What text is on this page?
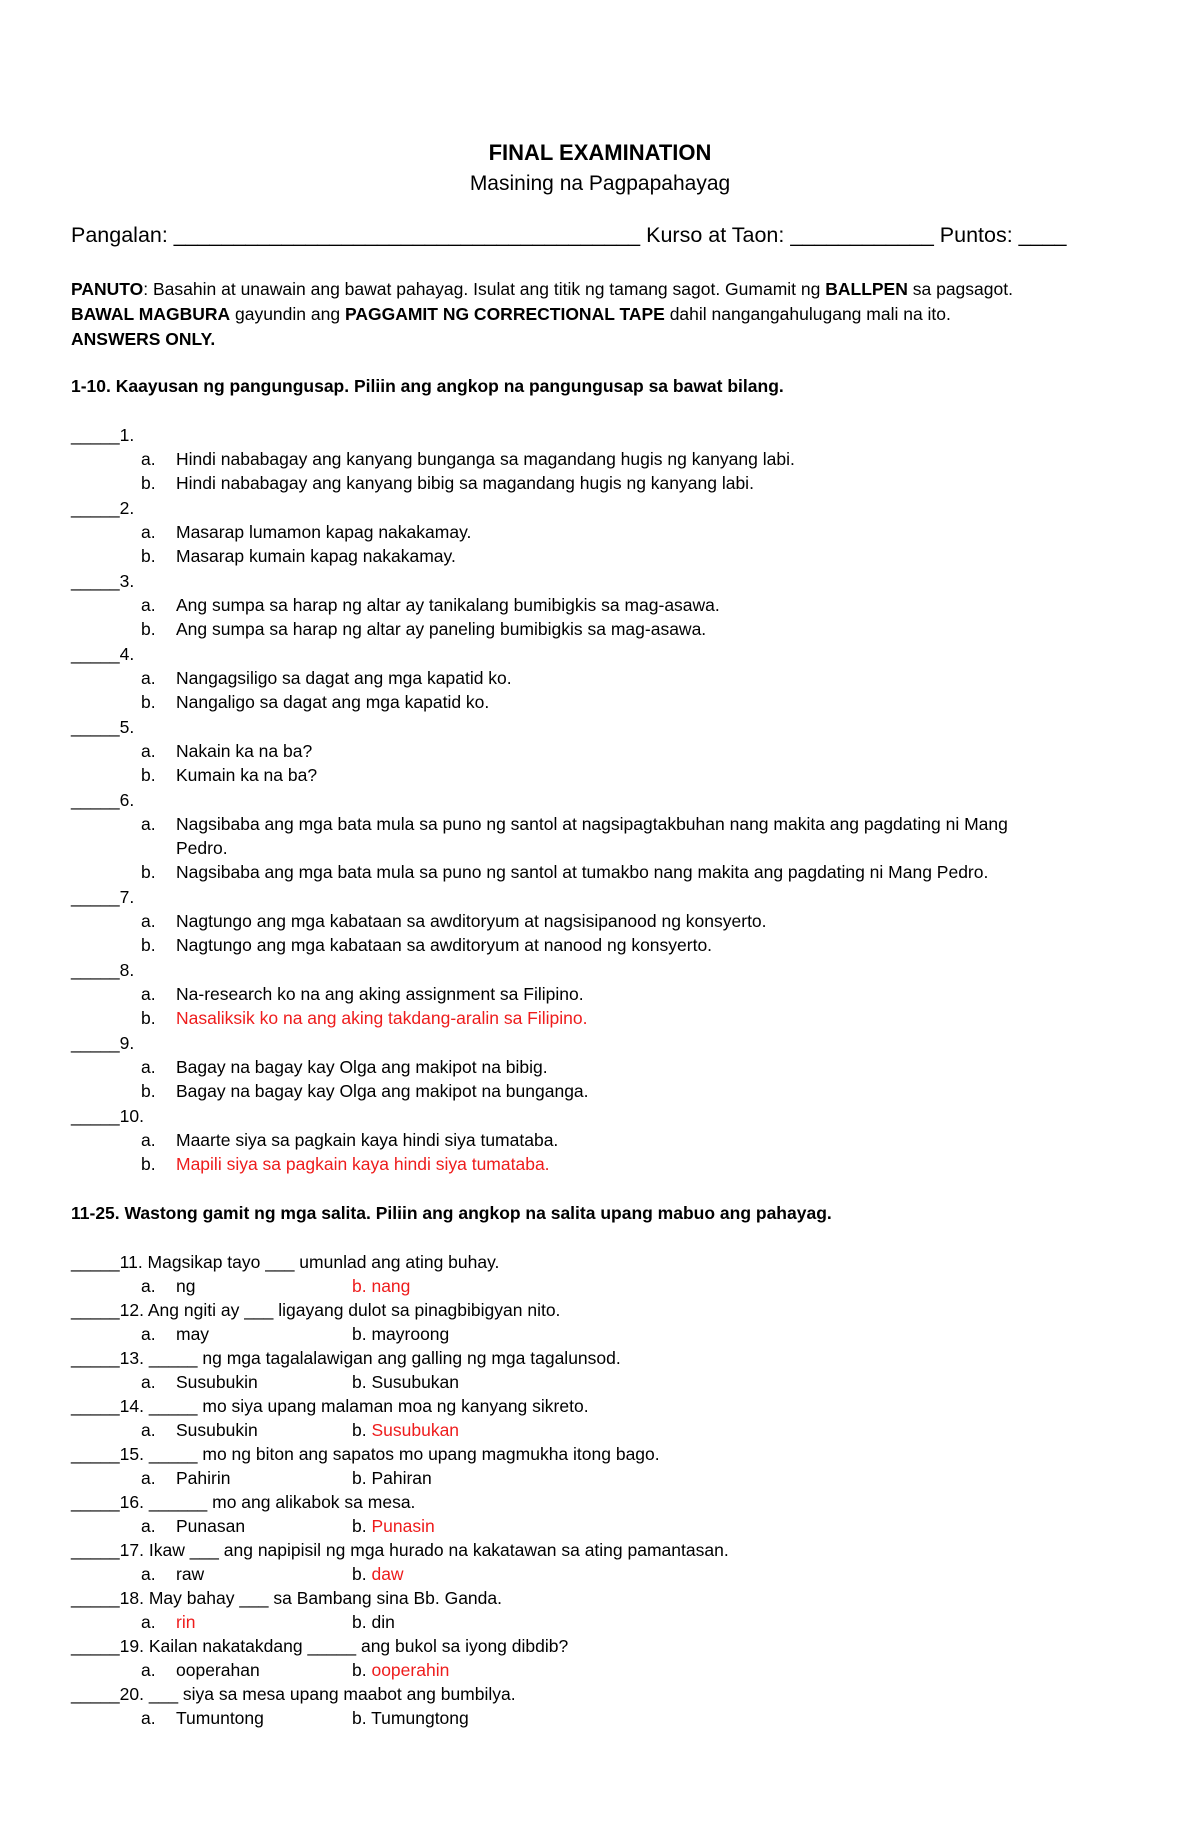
FINAL EXAMINATION
Masining na Pagpapahayag
Pangalan: _______________________________________ Kurso at Taon: ____________ Puntos: ____
PANUTO: Basahin at unawain ang bawat pahayag. Isulat ang titik ng tamang sagot. Gumamit ng BALLPEN sa pagsagot.
BAWAL MAGBURA gayundin ang PAGGAMIT NG CORRECTIONAL TAPE dahil nangangahulugang mali na ito.
ANSWERS ONLY.
1-10. Kaayusan ng pangungusap. Piliin ang angkop na pangungusap sa bawat bilang.
_____1.
a. Hindi nababagay ang kanyang bunganga sa magandang hugis ng kanyang labi.
b. Hindi nababagay ang kanyang bibig sa magandang hugis ng kanyang labi.
_____2.
a. Masarap lumamon kapag nakakamay.
b. Masarap kumain kapag nakakamay.
_____3.
a. Ang sumpa sa harap ng altar ay tanikalang bumibigkis sa mag-asawa.
b. Ang sumpa sa harap ng altar ay paneling bumibigkis sa mag-asawa.
_____4.
a. Nangagsiligo sa dagat ang mga kapatid ko.
b. Nangaligo sa dagat ang mga kapatid ko.
_____5.
a. Nakain ka na ba?
b. Kumain ka na ba?
_____6.
a. Nagsibaba ang mga bata mula sa puno ng santol at nagsipagtakbuhan nang makita ang pagdating ni Mang
Pedro.
b. Nagsibaba ang mga bata mula sa puno ng santol at tumakbo nang makita ang pagdating ni Mang Pedro.
_____7.
a. Nagtungo ang mga kabataan sa awditoryum at nagsisipanood ng konsyerto.
b. Nagtungo ang mga kabataan sa awditoryum at nanood ng konsyerto.
_____8.
a. Na-research ko na ang aking assignment sa Filipino.
b. Nasaliksik ko na ang aking takdang-aralin sa Filipino.
_____9.
a. Bagay na bagay kay Olga ang makipot na bibig.
b. Bagay na bagay kay Olga ang makipot na bunganga.
_____10.
a. Maarte siya sa pagkain kaya hindi siya tumataba.
b. Mapili siya sa pagkain kaya hindi siya tumataba.
11-25. Wastong gamit ng mga salita. Piliin ang angkop na salita upang mabuo ang pahayag.
_____11. Magsikap tayo ___ umunlad ang ating buhay.
a. ng	b. nang
_____12. Ang ngiti ay ___ ligayang dulot sa pinagbibigyan nito.
a. may	b. mayroong
_____13. _____ ng mga tagalalawigan ang galling ng mga tagalunsod.
a. Susubukin	b. Susubukan
_____14. _____ mo siya upang malaman moa ng kanyang sikreto.
a. Susubukin	b. Susubukan
_____15. _____ mo ng biton ang sapatos mo upang magmukha itong bago.
a. Pahirin	b. Pahiran
_____16. ______ mo ang alikabok sa mesa.
a. Punasan	b. Punasin
_____17. Ikaw ___ ang napipisil ng mga hurado na kakatawan sa ating pamantasan.
a. raw	b. daw
_____18. May bahay ___ sa Bambang sina Bb. Ganda.
a. rin	b. din
_____19. Kailan nakatakdang _____ ang bukol sa iyong dibdib?
a. ooperahan	b. ooperahin
_____20. ___ siya sa mesa upang maabot ang bumbilya.
a. Tumuntong	b. Tumungtong
